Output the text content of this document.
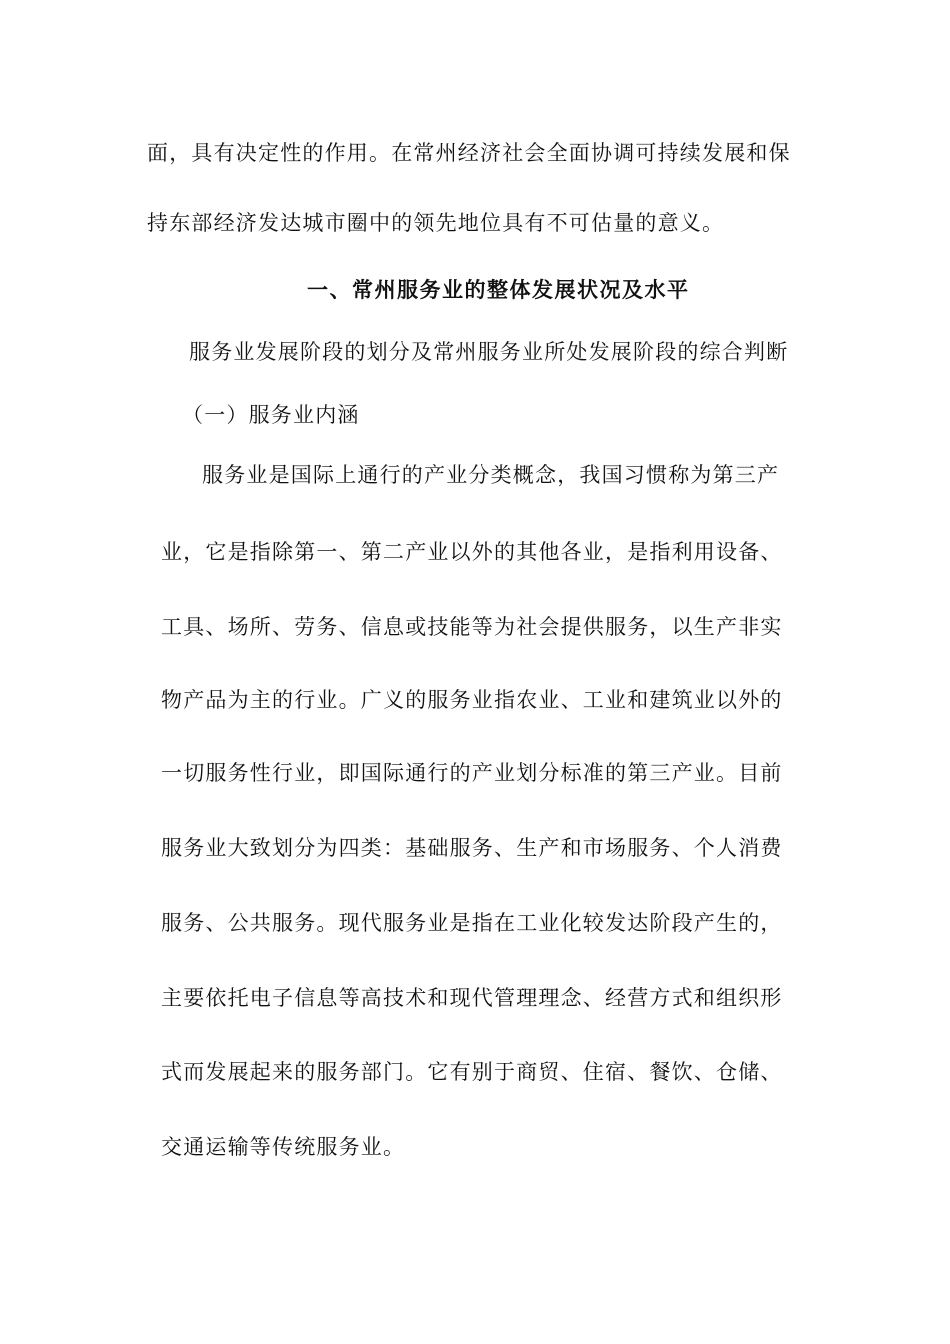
面，具有决定性的作用。在常州经济社会全面协调可持续发展和保
持东部经济发达城市圈中的领先地位具有不可估量的意义。
一、常州服务业的整体发展状况及水平
服务业发展阶段的划分及常州服务业所处发展阶段的综合判断
（一）服务业内涵
服务业是国际上通行的产业分类概念，我国习惯称为第三产
业，它是指除第一、第二产业以外的其他各业，是指利用设备、
工具、场所、劳务、信息或技能等为社会提供服务，以生产非实
物产品为主的行业。广义的服务业指农业、工业和建筑业以外的
一切服务性行业，即国际通行的产业划分标准的第三产业。目前
服务业大致划分为四类：基础服务、生产和市场服务、个人消费
服务、公共服务。现代服务业是指在工业化较发达阶段产生的，
主要依托电子信息等高技术和现代管理理念、经营方式和组织形
式而发展起来的服务部门。它有别于商贸、住宿、餐饮、仓储、
交通运输等传统服务业。
